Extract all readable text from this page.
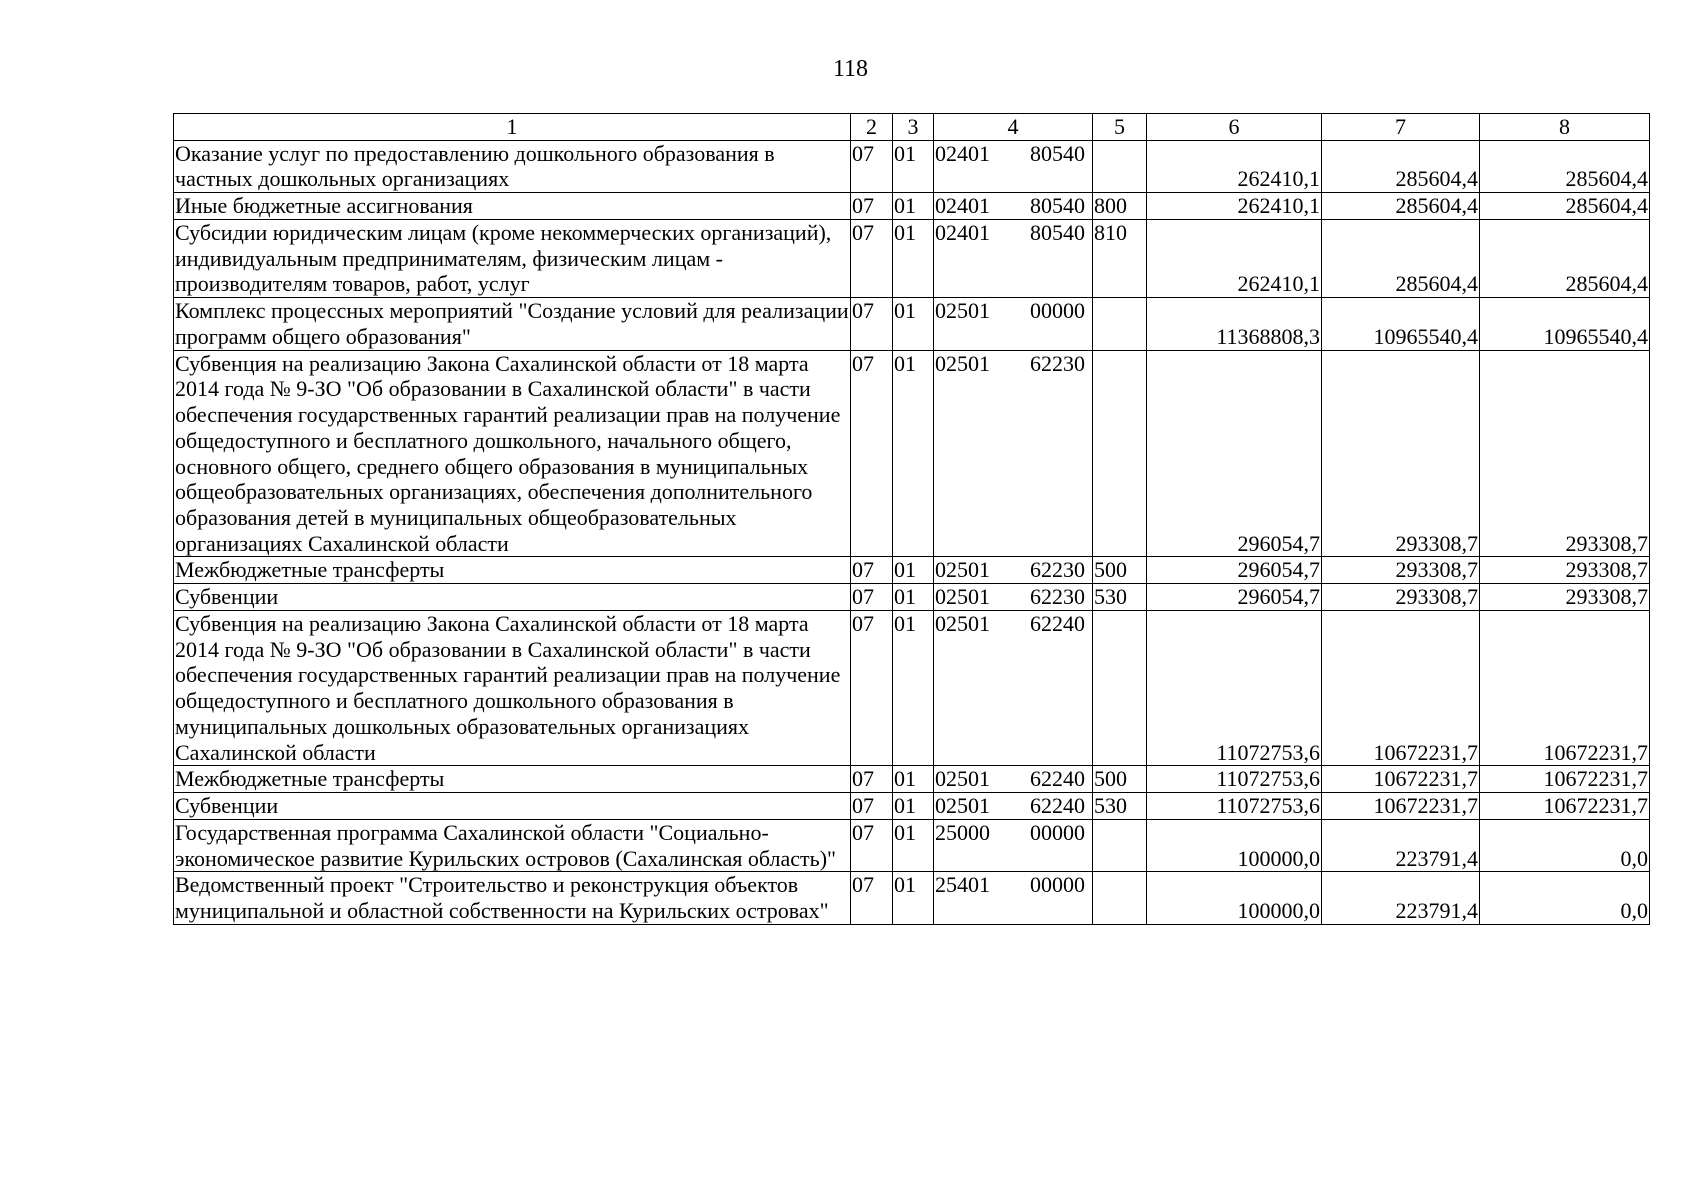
118
1	2	3	4	5	6	7	8
Оказание услуг по предоставлению дошкольного образования в частных дошкольных организациях	07	01	02401 80540		262410,1	285604,4	285604,4
Иные бюджетные ассигнования	07	01	02401 80540	800	262410,1	285604,4	285604,4
Субсидии юридическим лицам (кроме некоммерческих организаций), индивидуальным предпринимателям, физическим лицам - производителям товаров, работ, услуг	07	01	02401 80540	810	262410,1	285604,4	285604,4
Комплекс процессных мероприятий "Создание условий для реализации программ общего образования"	07	01	02501 00000		11368808,3	10965540,4	10965540,4
Субвенция на реализацию Закона Сахалинской области от 18 марта 2014 года № 9-ЗО "Об образовании в Сахалинской области" в части обеспечения государственных гарантий реализации прав на получение общедоступного и бесплатного дошкольного, начального общего, основного общего, среднего общего образования в муниципальных общеобразовательных организациях, обеспечения дополнительного образования детей в муниципальных общеобразовательных организациях Сахалинской области	07	01	02501 62230		296054,7	293308,7	293308,7
Межбюджетные трансферты	07	01	02501 62230	500	296054,7	293308,7	293308,7
Субвенции	07	01	02501 62230	530	296054,7	293308,7	293308,7
Субвенция на реализацию Закона Сахалинской области от 18 марта 2014 года № 9-ЗО "Об образовании в Сахалинской области" в части обеспечения государственных гарантий реализации прав на получение общедоступного и бесплатного дошкольного образования в муниципальных дошкольных образовательных организациях Сахалинской области	07	01	02501 62240		11072753,6	10672231,7	10672231,7
Межбюджетные трансферты	07	01	02501 62240	500	11072753,6	10672231,7	10672231,7
Субвенции	07	01	02501 62240	530	11072753,6	10672231,7	10672231,7
Государственная программа Сахалинской области "Социально-экономическое развитие Курильских островов (Сахалинская область)"	07	01	25000 00000		100000,0	223791,4	0,0
Ведомственный проект "Строительство и реконструкция объектов муниципальной и областной собственности на Курильских островах"	07	01	25401 00000		100000,0	223791,4	0,0
